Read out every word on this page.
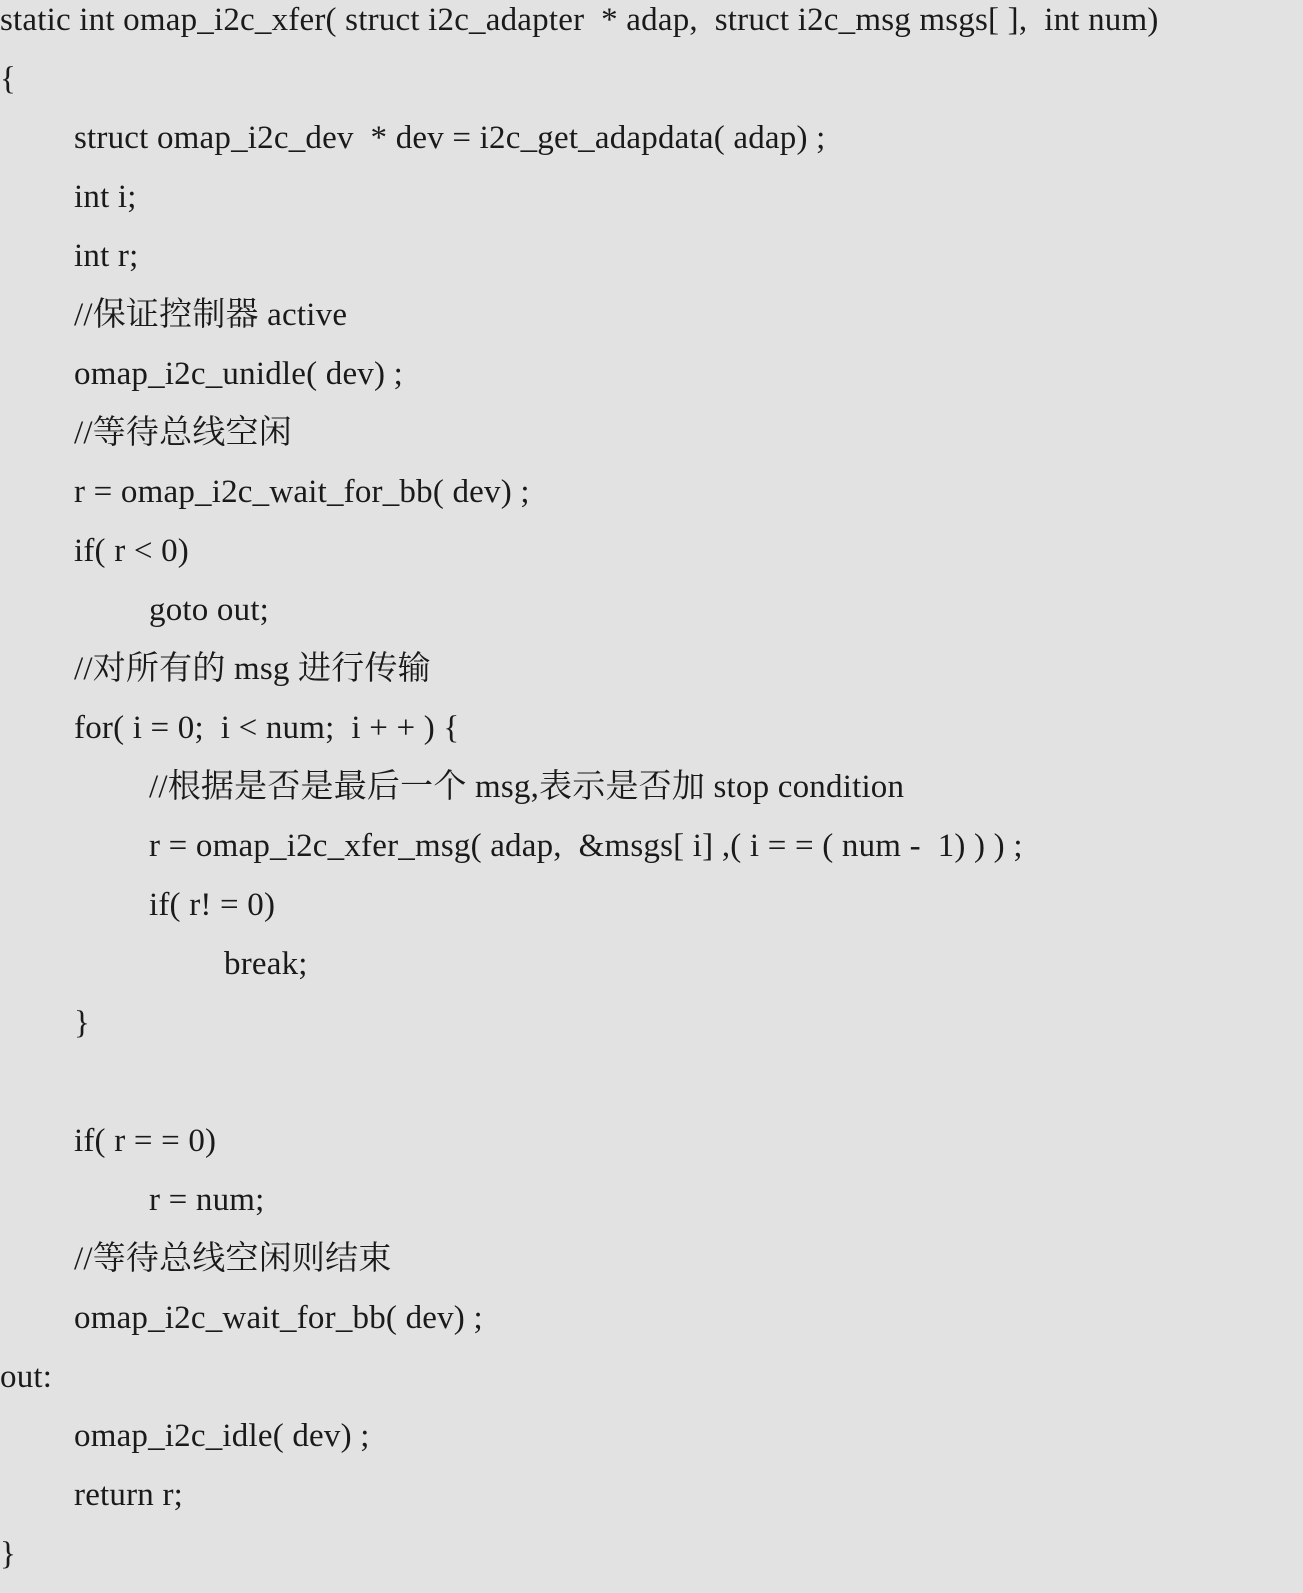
static int omap_i2c_xfer( struct i2c_adapter  * adap,  struct i2c_msg msgs[ ],  int num)
{
struct omap_i2c_dev  * dev = i2c_get_adapdata( adap) ;
int i;
int r;
//保证控制器 active
omap_i2c_unidle( dev) ;
//等待总线空闲
r = omap_i2c_wait_for_bb( dev) ;
if( r < 0)
goto out;
//对所有的 msg 进行传输
for( i = 0;  i < num;  i + + ) {
//根据是否是最后一个 msg,表示是否加 stop condition
r = omap_i2c_xfer_msg( adap,  &msgs[ i] ,( i = = ( num -  1) ) ) ;
if( r! = 0)
break;
}
if( r = = 0)
r = num;
//等待总线空闲则结束
omap_i2c_wait_for_bb( dev) ;
out:
omap_i2c_idle( dev) ;
return r;
}
